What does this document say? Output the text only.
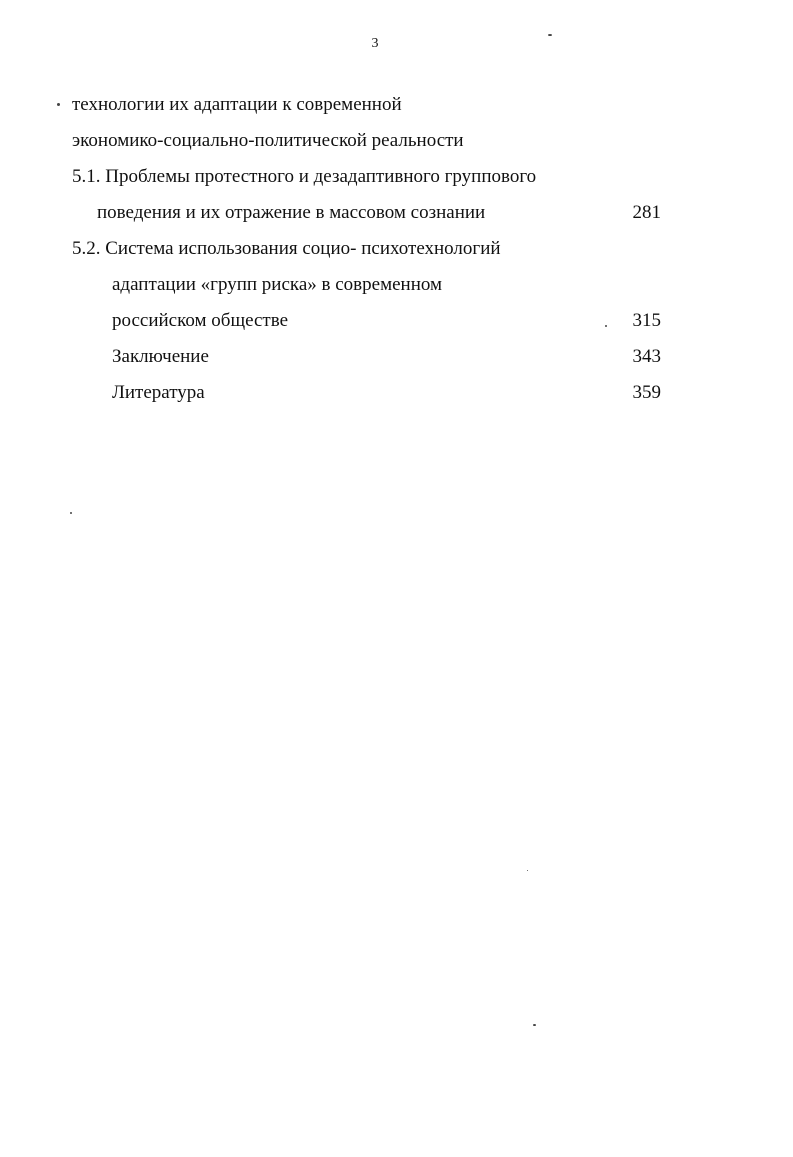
3
технологии их адаптации к современной
экономико-социально-политической реальности
5.1. Проблемы протестного и дезадаптивного группового
поведения и их отражение в массовом сознании	281
5.2. Система использования социо- психотехнологий
адаптации «групп риска» в современном
российском обществе	315
Заключение	343
Литература	359
